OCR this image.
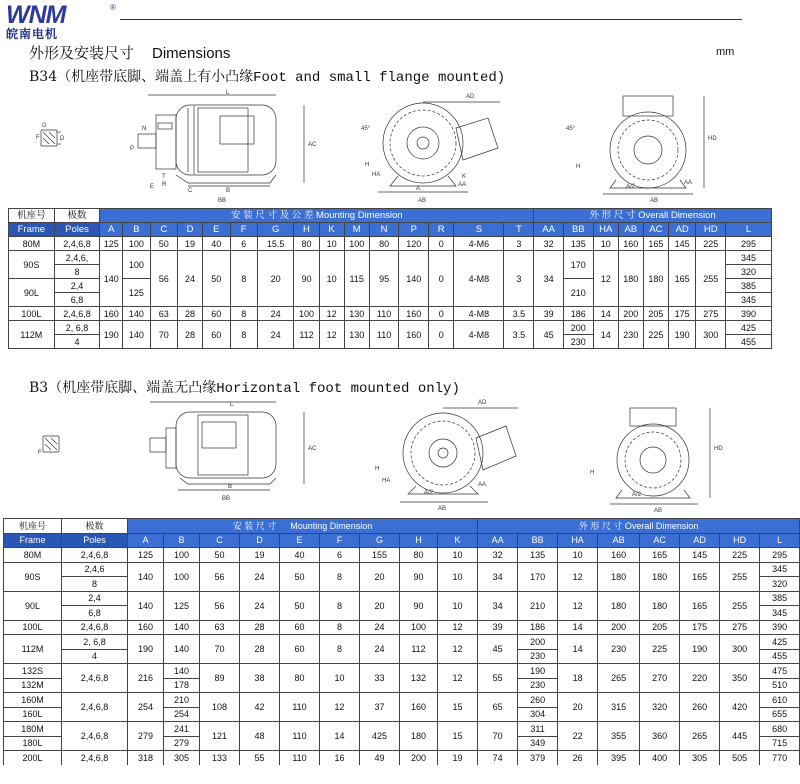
WNM	®
皖南电机
外形及安装尺寸 Dimensions	mm
B34（机座带底脚、端盖上有小凸缘Foot and small flange mounted)
G
D
F
L
AC
C	B
BB
E
P
N
T
R
A
AB
AD
45°
H
HA
AA
K
AB
A/2
HD
45°
H
AA
机座号	极数	安 装 尺 寸 及 公 差 Mounting Dimension															外 形 尺 寸 Overall Dimension							
Frame	Poles	A	B	C	D	E	F	G	H	K	M	N	P	R	S	T	AA	BB	HA	AB	AC	AD	HD	L
80M	2,4,6,8	125	100	50	19	40	6	15.5	80	10	100	80	120	0	4-M6	3	32	135	10	160	165	145	225	295
90S	2,4,6,	140	100	56	24	50	8	20	90	10	115	95	140	0	4-M8	3	34	170	12	180	180	165	255	345
	8																							320
90L	2,4		125															210						385
	6,8																							345
100L	2,4,6,8	160	140	63	28	60	8	24	100	12	130	110	160	0	4-M8	3.5	39	186	14	200	205	175	275	390
112M	2, 6,8	190	140	70	28	60	8	24	112	12	130	110	160	0	4-M8	3.5	45	200	14	230	225	190	300	425
	4																	230						455
B3（机座带底脚、端盖无凸缘Horizontal foot mounted only)
F
BB
B
L
AC
AB
A/2
AD
H
HA
AA
AB
A/2
HD
H
机座号	极数	安 装 尺 寸 Mounting Dimension									外 形 尺 寸 Overall Dimension							
Frame	Poles	A	B	C	D	E	F	G	H	K	AA	BB	HA	AB	AC	AD	HD	L
80M	2,4,6,8	125	100	50	19	40	6	155	80	10	32	135	10	160	165	145	225	295
90S	2,4,6	140	100	56	24	50	8	20	90	10	34	170	12	180	180	165	255	345
	8																	320
90L	2,4	140	125	56	24	50	8	20	90	10	34	210	12	180	180	165	255	385
	6,8																	345
100L	2,4,6,8	160	140	63	28	60	8	24	100	12	39	186	14	200	205	175	275	390
112M	2, 6,8	190	140	70	28	60	8	24	112	12	45	200	14	230	225	190	300	425
	4											230						455
132S	2,4,6,8	216	140	89	38	80	10	33	132	12	55	190	18	265	270	220	350	475
132M			178									230						510
160M	2,4,6,8	254	210	108	42	110	12	37	160	15	65	260	20	315	320	260	420	610
160L			254									304						655
180M	2,4,6,8	279	241	121	48	110	14	425	180	15	70	311	22	355	360	265	445	680
180L			279									349						715
200L	2,4,6,8	318	305	133	55	110	16	49	200	19	74	379	26	395	400	305	505	770
